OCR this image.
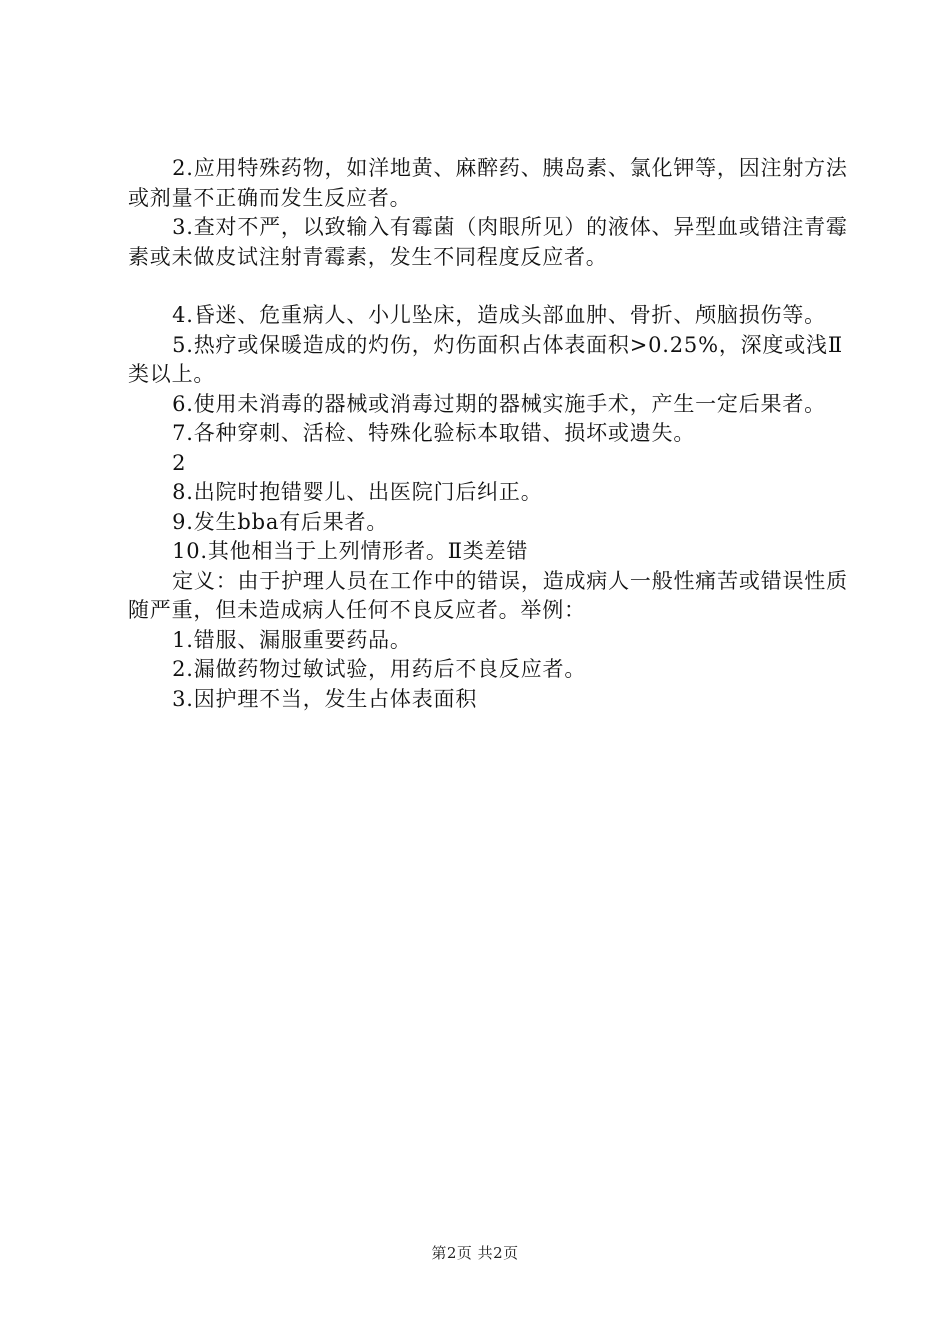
2.应用特殊药物，如洋地黄、麻醉药、胰岛素、氯化钾等，因注射方法或剂量不正确而发生反应者。

3.查对不严，以致输入有霉菌（肉眼所见）的液体、异型血或错注青霉素或未做皮试注射青霉素，发生不同程度反应者。

4.昏迷、危重病人、小儿坠床，造成头部血肿、骨折、颅脑损伤等。

5.热疗或保暖造成的灼伤，灼伤面积占体表面积>0.25%，深度或浅Ⅱ类以上。

6.使用未消毒的器械或消毒过期的器械实施手术，产生一定后果者。

7.各种穿刺、活检、特殊化验标本取错、损坏或遗失。

2

8.出院时抱错婴儿、出医院门后纠正。

9.发生bba有后果者。

10.其他相当于上列情形者。Ⅱ类差错

定义：由于护理人员在工作中的错误，造成病人一般性痛苦或错误性质随严重，但未造成病人任何不良反应者。举例：

1.错服、漏服重要药品。

2.漏做药物过敏试验，用药后不良反应者。

3.因护理不当，发生占体表面积

第2页 共2页
